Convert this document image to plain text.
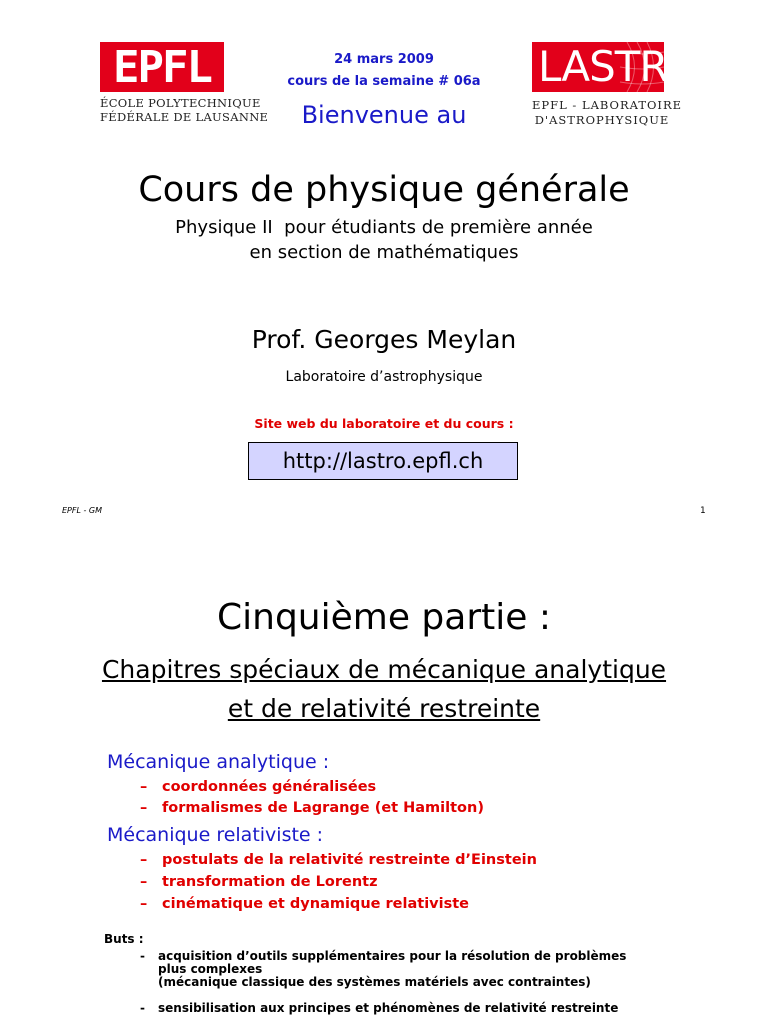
EPFL
ÉCOLE POLYTECHNIQUE
FÉDÉRALE DE LAUSANNE
LASTRO
EPFL - LABORATOIRE
D'ASTROPHYSIQUE
24 mars 2009
cours de la semaine # 06a
Bienvenue au
Cours de physique générale
Physique II  pour étudiants de première année
en section de mathématiques
Prof. Georges Meylan
Laboratoire d’astrophysique
Site web du laboratoire et du cours :
http://lastro.epfl.ch
EPFL - GM	1
Cinquième partie :
Chapitres spéciaux de mécanique analytique
et de relativité restreinte
Mécanique analytique :
– coordonnées généralisées
– formalismes de Lagrange (et Hamilton)
Mécanique relativiste :
– postulats de la relativité restreinte d’Einstein
– transformation de Lorentz
– cinématique et dynamique relativiste
Buts :
- acquisition d’outils supplémentaires pour la résolution de problèmes
plus complexes
(mécanique classique des systèmes matériels avec contraintes)
- sensibilisation aux principes et phénomènes de relativité restreinte
